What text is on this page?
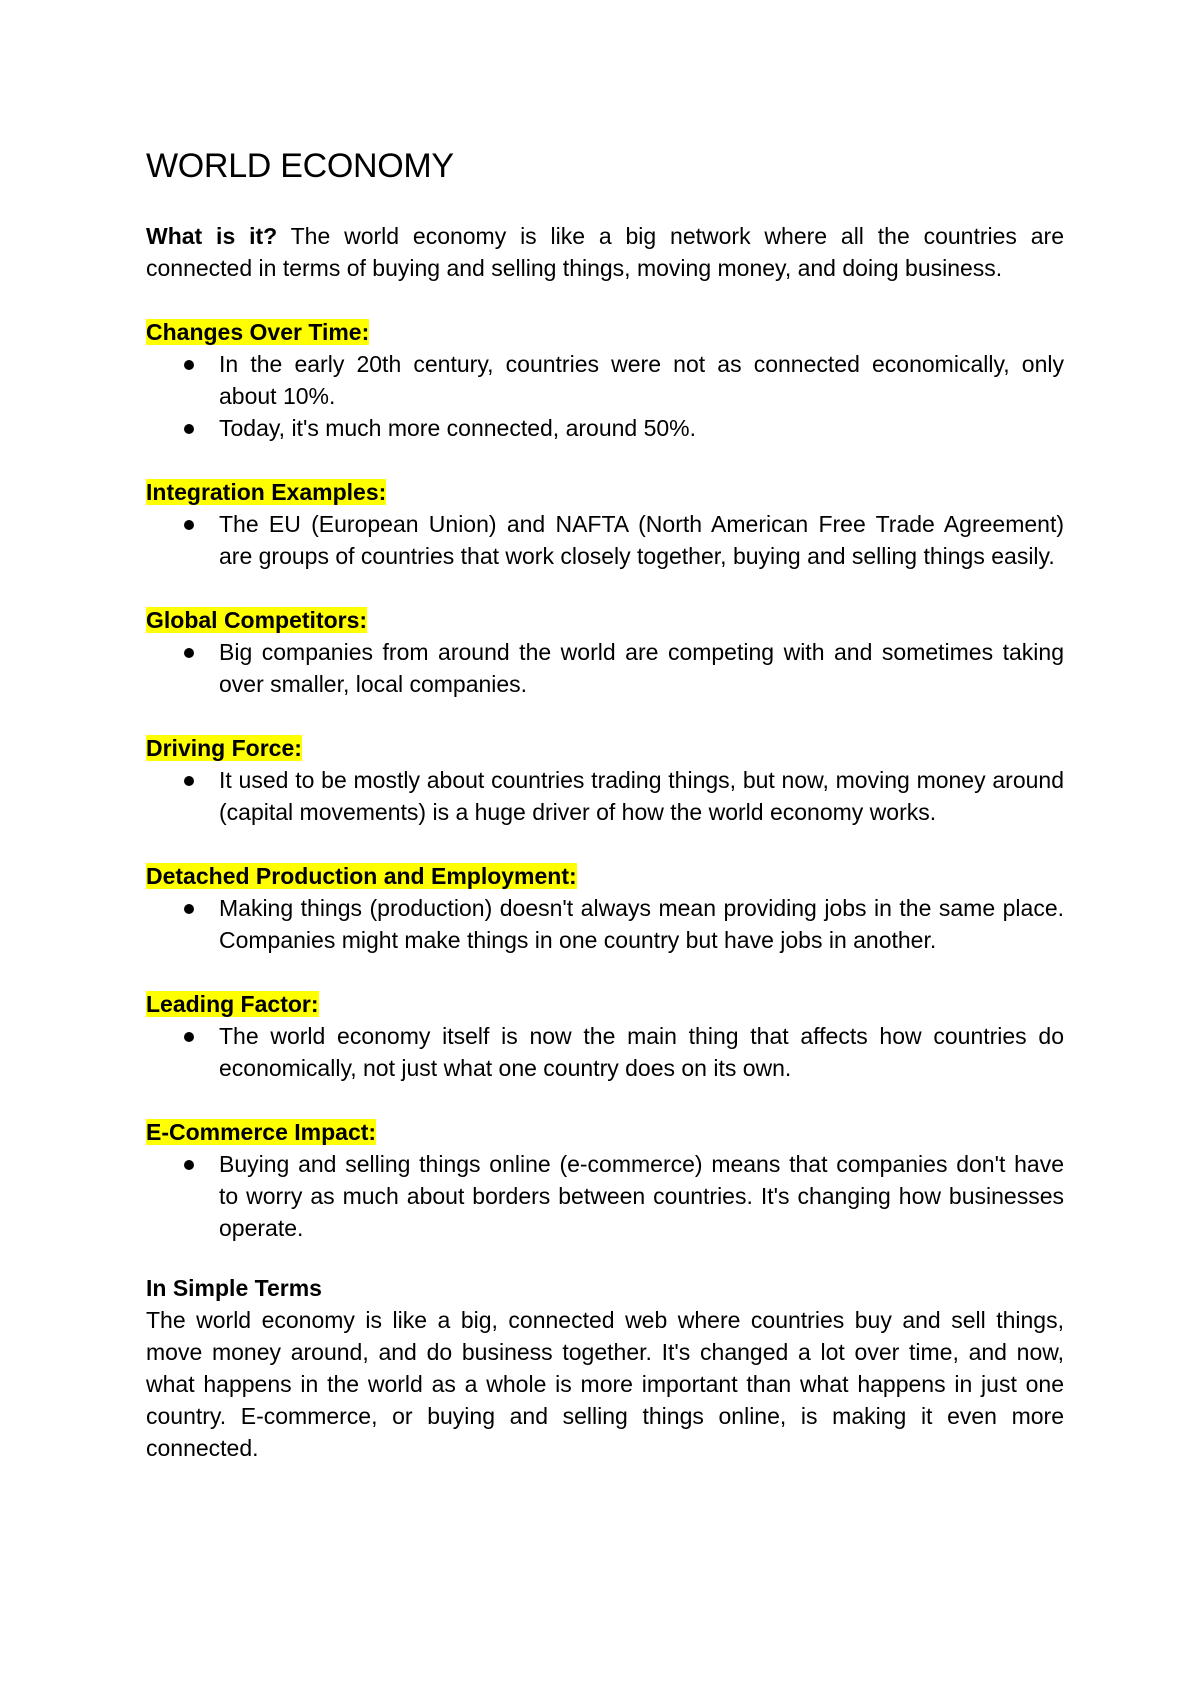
WORLD ECONOMY

What is it? The world economy is like a big network where all the countries are connected in terms of buying and selling things, moving money, and doing business.

Changes Over Time:

In the early 20th century, countries were not as connected economically, only about 10%.
Today, it's much more connected, around 50%.

Integration Examples:

The EU (European Union) and NAFTA (North American Free Trade Agreement) are groups of countries that work closely together, buying and selling things easily.

Global Competitors:

Big companies from around the world are competing with and sometimes taking over smaller, local companies.

Driving Force:

It used to be mostly about countries trading things, but now, moving money around (capital movements) is a huge driver of how the world economy works.

Detached Production and Employment:

Making things (production) doesn't always mean providing jobs in the same place. Companies might make things in one country but have jobs in another.

Leading Factor:

The world economy itself is now the main thing that affects how countries do economically, not just what one country does on its own.

E-Commerce Impact:

Buying and selling things online (e-commerce) means that companies don't have to worry as much about borders between countries. It's changing how businesses operate.

In Simple Terms

The world economy is like a big, connected web where countries buy and sell things, move money around, and do business together. It's changed a lot over time, and now, what happens in the world as a whole is more important than what happens in just one country. E-commerce, or buying and selling things online, is making it even more connected.
